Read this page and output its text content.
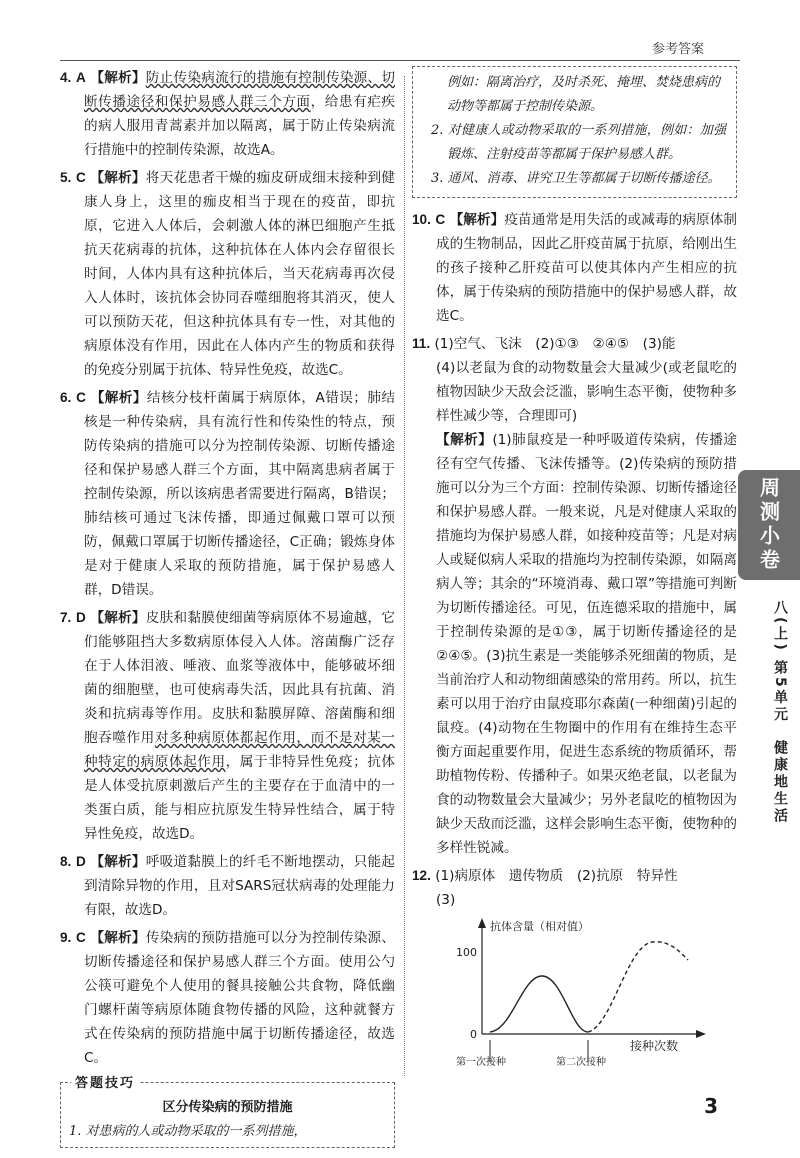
参考答案

4. A 【解析】防止传染病流行的措施有控制传染源、切断传播途径和保护易感人群三个方面，给患有疟疾的病人服用青蒿素并加以隔离，属于防止传染病流行措施中的控制传染源，故选A。

5. C 【解析】将天花患者干燥的痂皮研成细末接种到健康人身上，这里的痂皮相当于现在的疫苗，即抗原，它进入人体后，会刺激人体的淋巴细胞产生抵抗天花病毒的抗体，这种抗体在人体内会存留很长时间，人体内具有这种抗体后，当天花病毒再次侵入人体时，该抗体会协同吞噬细胞将其消灭，使人可以预防天花，但这种抗体具有专一性，对其他的病原体没有作用，因此在人体内产生的物质和获得的免疫分别属于抗体、特异性免疫，故选C。

6. C 【解析】结核分枝杆菌属于病原体，A错误；肺结核是一种传染病，具有流行性和传染性的特点，预防传染病的措施可以分为控制传染源、切断传播途径和保护易感人群三个方面，其中隔离患病者属于控制传染源，所以该病患者需要进行隔离，B错误；肺结核可通过飞沫传播，即通过佩戴口罩可以预防，佩戴口罩属于切断传播途径，C正确；锻炼身体是对于健康人采取的预防措施，属于保护易感人群，D错误。

7. D 【解析】皮肤和黏膜使细菌等病原体不易逾越，它们能够阻挡大多数病原体侵入人体。溶菌酶广泛存在于人体泪液、唾液、血浆等液体中，能够破坏细菌的细胞壁，也可使病毒失活，因此具有抗菌、消炎和抗病毒等作用。皮肤和黏膜屏障、溶菌酶和细胞吞噬作用对多种病原体都起作用，而不是对某一种特定的病原体起作用，属于非特异性免疫；抗体是人体受抗原刺激后产生的主要存在于血清中的一类蛋白质，能与相应抗原发生特异性结合，属于特异性免疫，故选D。

8. D 【解析】呼吸道黏膜上的纤毛不断地摆动，只能起到清除异物的作用，且对SARS冠状病毒的处理能力有限，故选D。

9. C 【解析】传染病的预防措施可以分为控制传染源、切断传播途径和保护易感人群三个方面。使用公勺公筷可避免个人使用的餐具接触公共食物，降低幽门螺杆菌等病原体随食物传播的风险，这种就餐方式在传染病的预防措施中属于切断传播途径，故选C。

答题技巧
区分传染病的预防措施
1. 对患病的人或动物采取的一系列措施，

例如：隔离治疗，及时杀死、掩埋、焚烧患病的动物等都属于控制传染源。

2. 对健康人或动物采取的一系列措施，例如：加强锻炼、注射疫苗等都属于保护易感人群。

3. 通风、消毒、讲究卫生等都属于切断传播途径。

10. C 【解析】疫苗通常是用失活的或减毒的病原体制成的生物制品，因此乙肝疫苗属于抗原，给刚出生的孩子接种乙肝疫苗可以使其体内产生相应的抗体，属于传染病的预防措施中的保护易感人群，故选C。

11. (1)空气、飞沫　(2)①③　②④⑤　(3)能
(4)以老鼠为食的动物数量会大量减少(或老鼠吃的植物因缺少天敌会泛滥，影响生态平衡，使物种多样性减少等，合理即可)
【解析】(1)肺鼠疫是一种呼吸道传染病，传播途径有空气传播、飞沫传播等。(2)传染病的预防措施可以分为三个方面：控制传染源、切断传播途径和保护易感人群。一般来说，凡是对健康人采取的措施均为保护易感人群，如接种疫苗等；凡是对病人或疑似病人采取的措施均为控制传染源，如隔离病人等；其余的“环境消毒、戴口罩”等措施可判断为切断传播途径。可见，伍连德采取的措施中，属于控制传染源的是①③，属于切断传播途径的是②④⑤。(3)抗生素是一类能够杀死细菌的物质，是当前治疗人和动物细菌感染的常用药。所以，抗生素可以用于治疗由鼠疫耶尔森菌(一种细菌)引起的鼠疫。(4)动物在生物圈中的作用有在维持生态平衡方面起重要作用，促进生态系统的物质循环，帮助植物传粉、传播种子。如果灭绝老鼠，以老鼠为食的动物数量会大量减少；另外老鼠吃的植物因为缺少天敌而泛滥，这样会影响生态平衡，使物种的多样性锐减。
12. (1)病原体　遗传物质　(2)抗原　特异性
(3)
抗体含量（相对值）
100
0
接种次数
第一次接种	第二次接种
周测小卷
八(上)
第5单元
健康地生活
3
